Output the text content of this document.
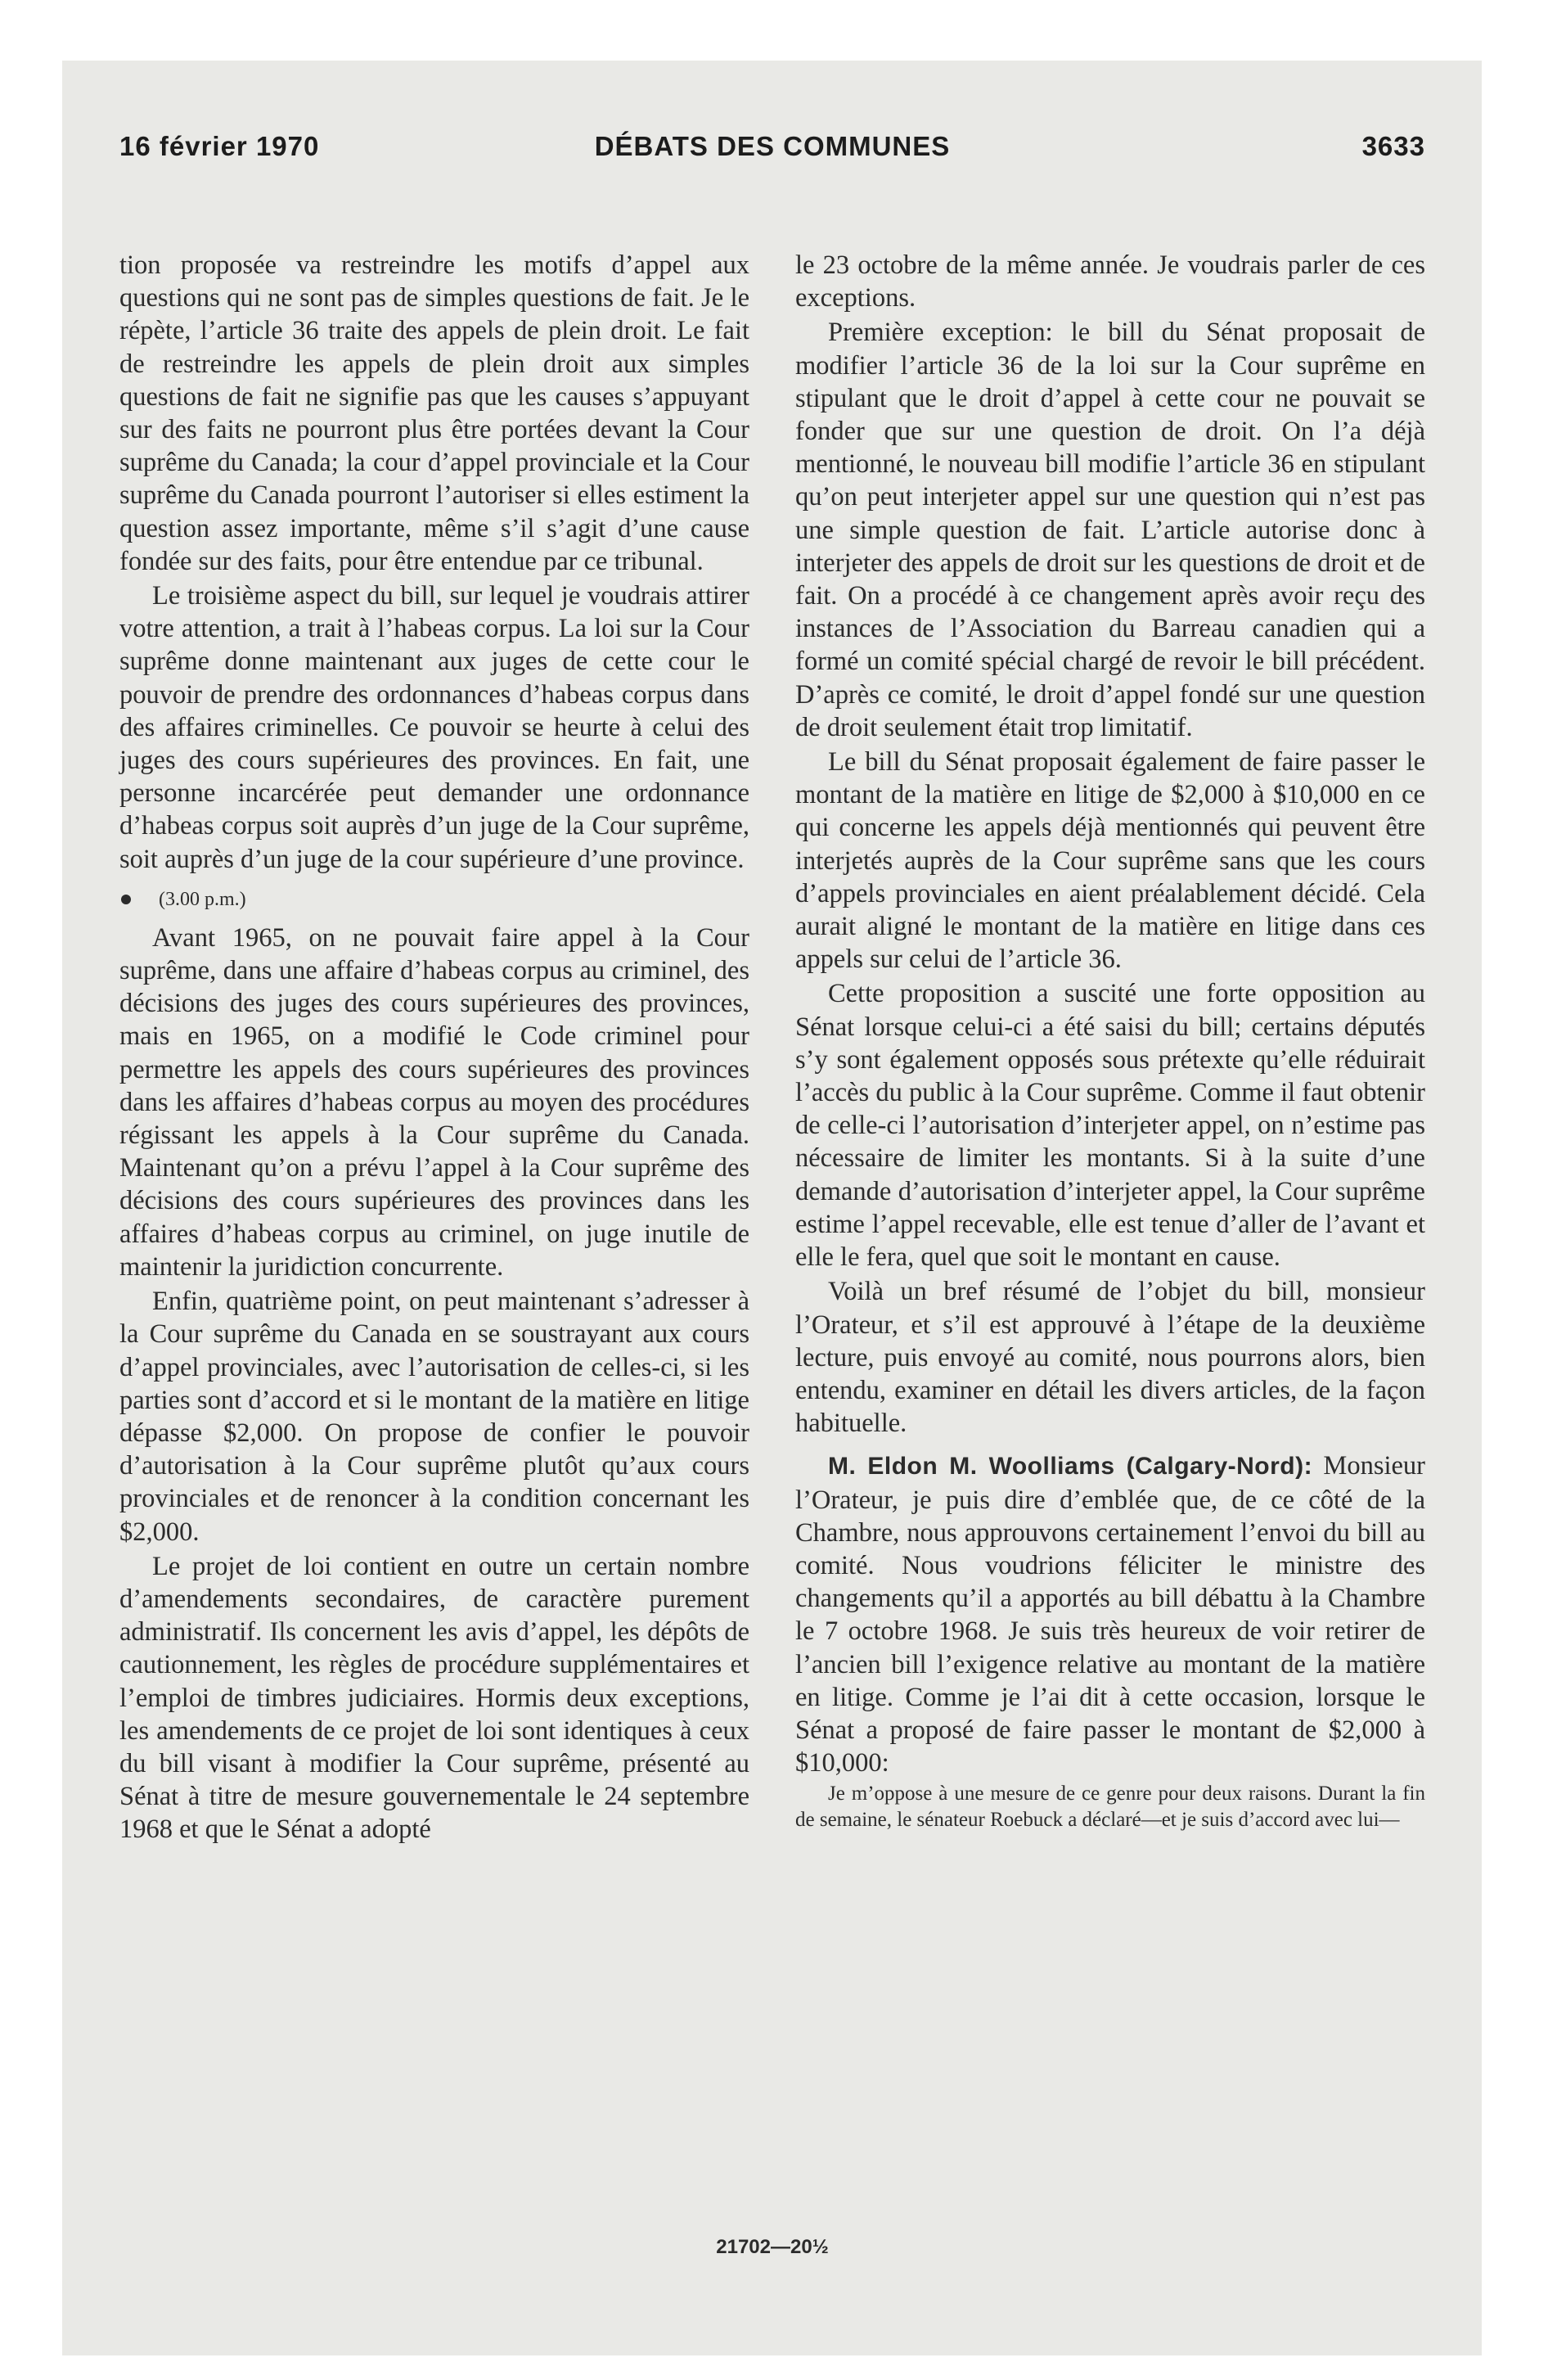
DÉBATS DES COMMUNES
16 février 1970	3633

tion proposée va restreindre les motifs d’appel aux questions qui ne sont pas de simples questions de fait. Je le répète, l’article 36 traite des appels de plein droit. Le fait de restreindre les appels de plein droit aux simples questions de fait ne signifie pas que les causes s’appuyant sur des faits ne pourront plus être portées devant la Cour suprême du Canada; la cour d’appel provinciale et la Cour suprême du Canada pourront l’autoriser si elles estiment la question assez importante, même s’il s’agit d’une cause fondée sur des faits, pour être entendue par ce tribunal.

Le troisième aspect du bill, sur lequel je voudrais attirer votre attention, a trait à l’habeas corpus. La loi sur la Cour suprême donne maintenant aux juges de cette cour le pouvoir de prendre des ordonnances d’habeas corpus dans des affaires criminelles. Ce pouvoir se heurte à celui des juges des cours supérieures des provinces. En fait, une personne incarcérée peut demander une ordonnance d’habeas corpus soit auprès d’un juge de la Cour suprême, soit auprès d’un juge de la cour supérieure d’une province.

(3.00 p.m.)

Avant 1965, on ne pouvait faire appel à la Cour suprême, dans une affaire d’habeas corpus au criminel, des décisions des juges des cours supérieures des provinces, mais en 1965, on a modifié le Code criminel pour permettre les appels des cours supérieures des provinces dans les affaires d’habeas corpus au moyen des procédures régissant les appels à la Cour suprême du Canada. Maintenant qu’on a prévu l’appel à la Cour suprême des décisions des cours supérieures des provinces dans les affaires d’habeas corpus au criminel, on juge inutile de maintenir la juridiction concurrente.

Enfin, quatrième point, on peut maintenant s’adresser à la Cour suprême du Canada en se soustrayant aux cours d’appel provinciales, avec l’autorisation de celles-ci, si les parties sont d’accord et si le montant de la matière en litige dépasse $2,000. On propose de confier le pouvoir d’autorisation à la Cour suprême plutôt qu’aux cours provinciales et de renoncer à la condition concernant les $2,000.

Le projet de loi contient en outre un certain nombre d’amendements secondaires, de caractère purement administratif. Ils concernent les avis d’appel, les dépôts de cautionnement, les règles de procédure supplémentaires et l’emploi de timbres judiciaires. Hormis deux exceptions, les amendements de ce projet de loi sont identiques à ceux du bill visant à modifier la Cour suprême, présenté au Sénat à titre de mesure gouvernementale le 24 septembre 1968 et que le Sénat a adopté

le 23 octobre de la même année. Je voudrais parler de ces exceptions.

Première exception: le bill du Sénat proposait de modifier l’article 36 de la loi sur la Cour suprême en stipulant que le droit d’appel à cette cour ne pouvait se fonder que sur une question de droit. On l’a déjà mentionné, le nouveau bill modifie l’article 36 en stipulant qu’on peut interjeter appel sur une question qui n’est pas une simple question de fait. L’article autorise donc à interjeter des appels de droit sur les questions de droit et de fait. On a procédé à ce changement après avoir reçu des instances de l’Association du Barreau canadien qui a formé un comité spécial chargé de revoir le bill précédent. D’après ce comité, le droit d’appel fondé sur une question de droit seulement était trop limitatif.

Le bill du Sénat proposait également de faire passer le montant de la matière en litige de $2,000 à $10,000 en ce qui concerne les appels déjà mentionnés qui peuvent être interjetés auprès de la Cour suprême sans que les cours d’appels provinciales en aient préalablement décidé. Cela aurait aligné le montant de la matière en litige dans ces appels sur celui de l’article 36.

Cette proposition a suscité une forte opposition au Sénat lorsque celui-ci a été saisi du bill; certains députés s’y sont également opposés sous prétexte qu’elle réduirait l’accès du public à la Cour suprême. Comme il faut obtenir de celle-ci l’autorisation d’interjeter appel, on n’estime pas nécessaire de limiter les montants. Si à la suite d’une demande d’autorisation d’interjeter appel, la Cour suprême estime l’appel recevable, elle est tenue d’aller de l’avant et elle le fera, quel que soit le montant en cause.

Voilà un bref résumé de l’objet du bill, monsieur l’Orateur, et s’il est approuvé à l’étape de la deuxième lecture, puis envoyé au comité, nous pourrons alors, bien entendu, examiner en détail les divers articles, de la façon habituelle.

M. Eldon M. Woolliams (Calgary-Nord): Monsieur l’Orateur, je puis dire d’emblée que, de ce côté de la Chambre, nous approuvons certainement l’envoi du bill au comité. Nous voudrions féliciter le ministre des changements qu’il a apportés au bill débattu à la Chambre le 7 octobre 1968. Je suis très heureux de voir retirer de l’ancien bill l’exigence relative au montant de la matière en litige. Comme je l’ai dit à cette occasion, lorsque le Sénat a proposé de faire passer le montant de $2,000 à $10,000:

Je m’oppose à une mesure de ce genre pour deux raisons. Durant la fin de semaine, le sénateur Roebuck a déclaré—et je suis d’accord avec lui—

21702—20½
